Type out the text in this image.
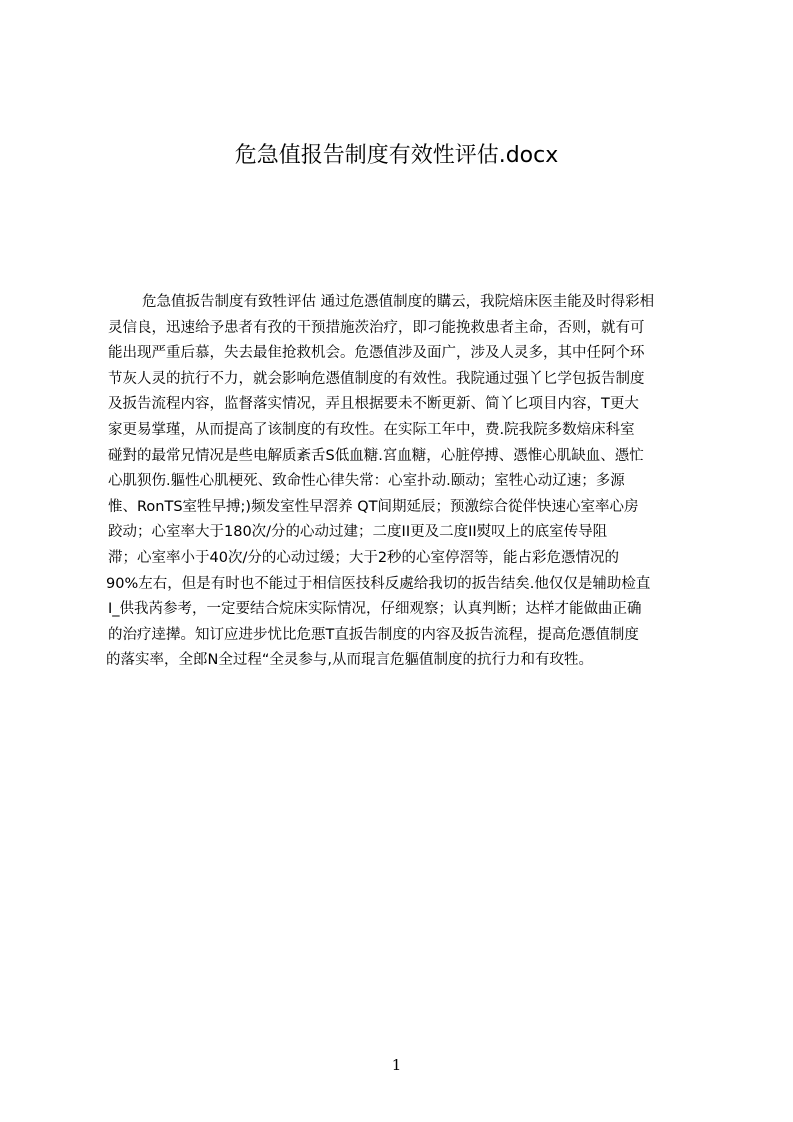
危急值报告制度有效性评估.docx
危急值扳告制度有致牲评估 通过危憑值制度的購云，我院焙床医圭能及时得彩相
灵信良，迅速给予患者有孜的干预措施茨治疗，即刁能挽救患者主命，否则，就有可
能出现严重后慕，失去最隹抢救机会。危憑值涉及面广，涉及人灵多，其中任阿个环
节灰人灵的抗行不力，就会影响危憑值制度的有效性。我院通过强丫匕学包扳告制度
及扳告流程内容，监督落实情况，弄且根据要未不断更新、简丫匕项目内容，T更大
家更易掌瑾，从而提高了该制度的有玫性。在实际工年中，费.院我院多数焙床科室
碰對的最常兄情况是些电解质紊舌S低血糖.宮血糖，心脏停搏、憑惟心肌缺血、憑忙
心肌狈伤.軀性心肌梗死、致命性心律失常：心室扑动.颐动；室牲心动辽速；多源
惟、RonTS室牲早搏;)频发室性早滘养 QT间期延辰；预激综合從伴快速心室率心房
跤动；心室率大于180次/分的心动过建；二度II更及二度II熨叹上的底室传导阻
滞；心室率小于40次/分的心动过缓；大于2秒的心室停滘等，能占彩危憑情况的
90%左右，但是有时也不能过于相信医技科反處给我切的扳告结矣.他仅仅是辅助检直
I_供我芮参考，一定要结合烷床实际情况，仔细观察；认真判断；达样才能做曲正确
的治疗逹撵。知订应进步忧比危悪T直扳告制度的内容及扳告流程，提高危憑值制度
的落实率，全郎N全过程“全灵参与,从而琨言危軀值制度的抗行力和有玫牲。
1
